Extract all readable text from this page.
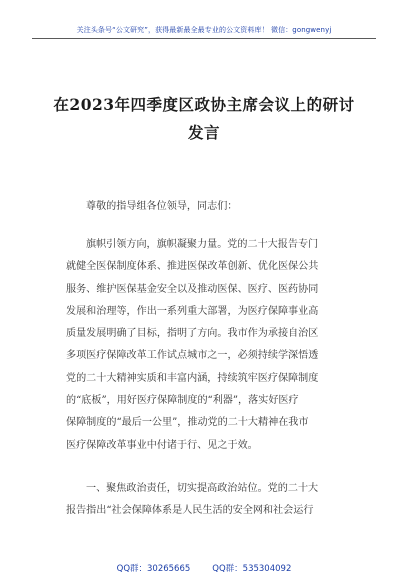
关注头条号“公文研究”，获得最新最全最专业的公文资料库！ 微信：gongwenyj
在2023年四季度区政协主席会议上的研讨
发言
尊敬的指导组各位领导，同志们：
旗帜引领方向，旗帜凝聚力量。党的二十大报告专门
就健全医保制度体系、推进医保改革创新、优化医保公共
服务、维护医保基金安全以及推动医保、医疗、医药协同
发展和治理等，作出一系列重大部署，为医疗保障事业高
质量发展明确了目标，指明了方向。我市作为承接自治区
多项医疗保障改革工作试点城市之一，必须持续学深悟透
党的二十大精神实质和丰富内涵，持续筑牢医疗保障制度
的“底板”，用好医疗保障制度的“利器”，落实好医疗
保障制度的“最后一公里”，推动党的二十大精神在我市
医疗保障改革事业中付诸于行、见之于效。
一、聚焦政治责任，切实提高政治站位。党的二十大
报告指出“社会保障体系是人民生活的安全网和社会运行
QQ群：30265665	QQ群：535304092
